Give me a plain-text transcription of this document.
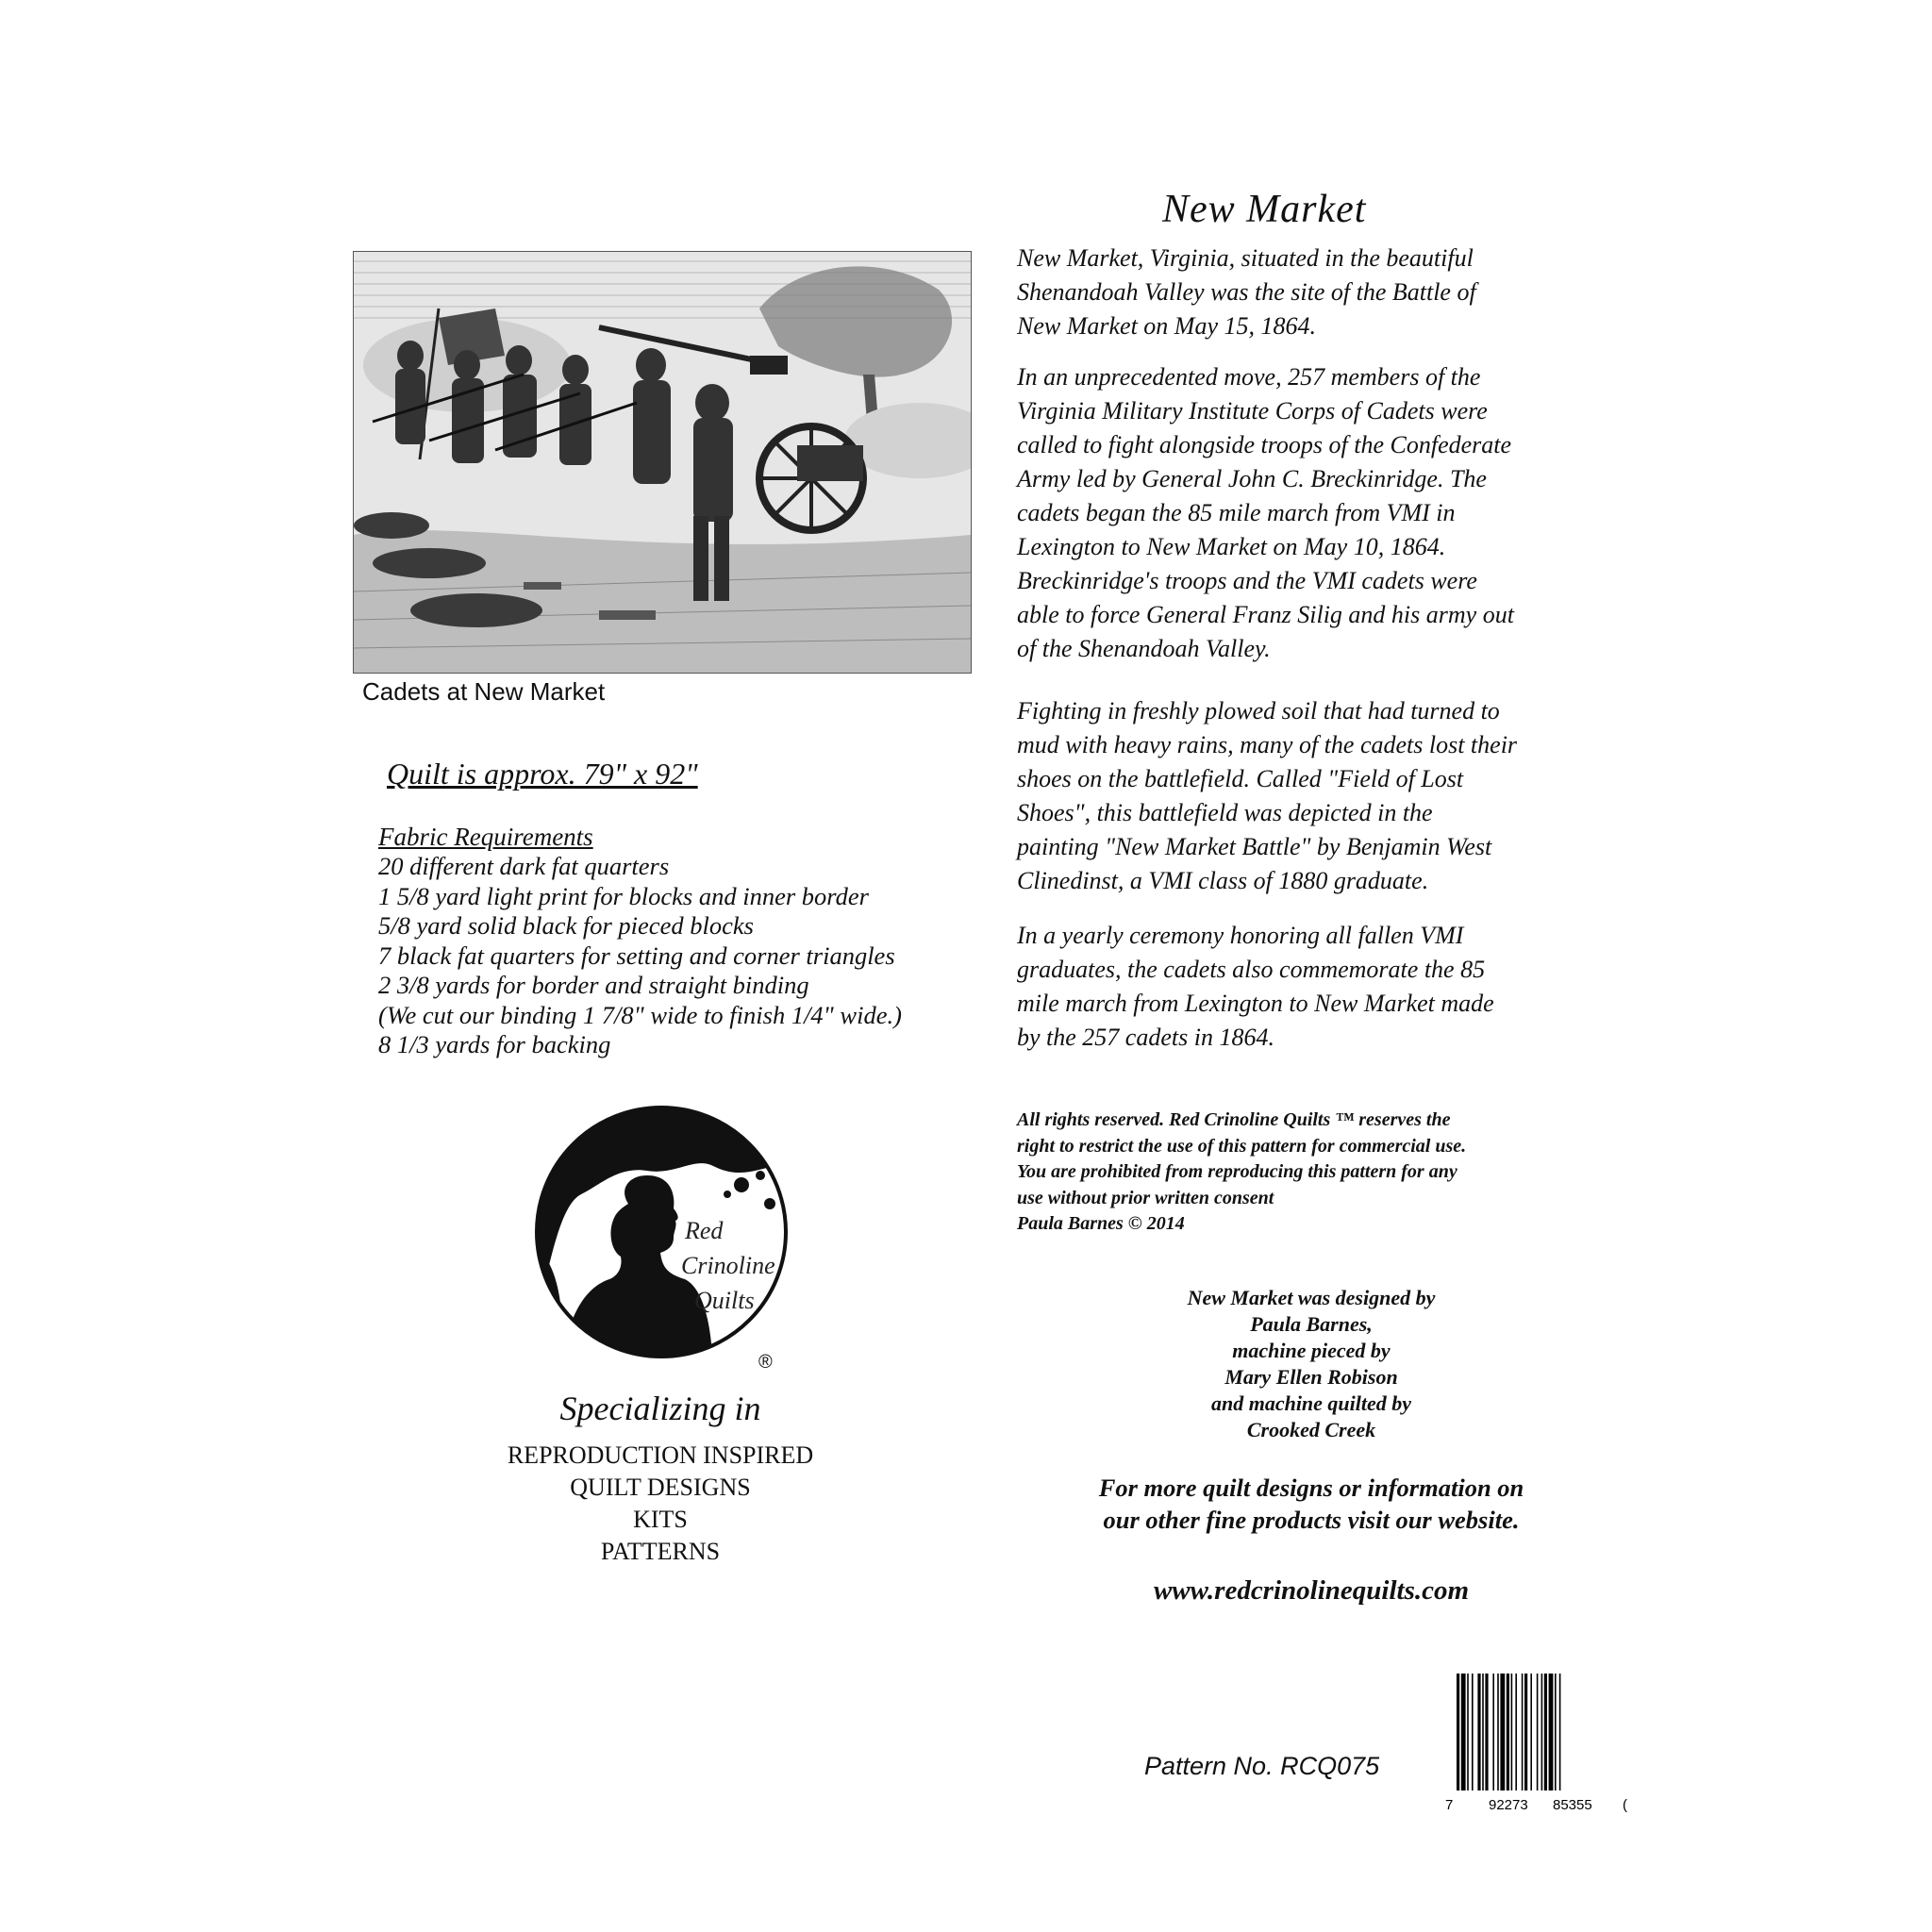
Cadets at New Market
Quilt is approx. 79" x 92"
Fabric Requirements
20 different dark fat quarters
1 5/8 yard light print for blocks and inner border
5/8 yard solid black for pieced blocks
7 black fat quarters for setting and corner triangles
2 3/8 yards for border and straight binding
(We cut our binding 1 7/8" wide to finish 1/4" wide.)
8 1/3 yards for backing
Red
Crinoline
Quilts
®
Specializing in
REPRODUCTION INSPIRED
QUILT DESIGNS
KITS
PATTERNS
New Market

New Market, Virginia, situated in the beautiful
Shenandoah Valley was the site of the Battle of
New Market on May 15, 1864.

In an unprecedented move, 257 members of the
Virginia Military Institute Corps of Cadets were
called to fight alongside troops of the Confederate
Army led by General John C. Breckinridge. The
cadets began the 85 mile march from VMI in
Lexington to New Market on May 10, 1864.
Breckinridge's troops and the VMI cadets were
able to force General Franz Silig and his army out
of the Shenandoah Valley.

Fighting in freshly plowed soil that had turned to
mud with heavy rains, many of the cadets lost their
shoes on the battlefield. Called "Field of Lost
Shoes", this battlefield was depicted in the
painting "New Market Battle" by Benjamin West
Clinedinst, a VMI class of 1880 graduate.

In a yearly ceremony honoring all fallen VMI
graduates, the cadets also commemorate the 85
mile march from Lexington to New Market made
by the 257 cadets in 1864.

All rights reserved. Red Crinoline Quilts ™ reserves the
right to restrict the use of this pattern for commercial use.
You are prohibited from reproducing this pattern for any
use without prior written consent
Paula Barnes © 2014

New Market was designed by
Paula Barnes,
machine pieced by
Mary Ellen Robison
and machine quilted by
Crooked Creek
For more quilt designs or information on
our other fine products visit our website.
www.redcrinolinequilts.com
Pattern No. RCQ075
7	92273 85355 (
